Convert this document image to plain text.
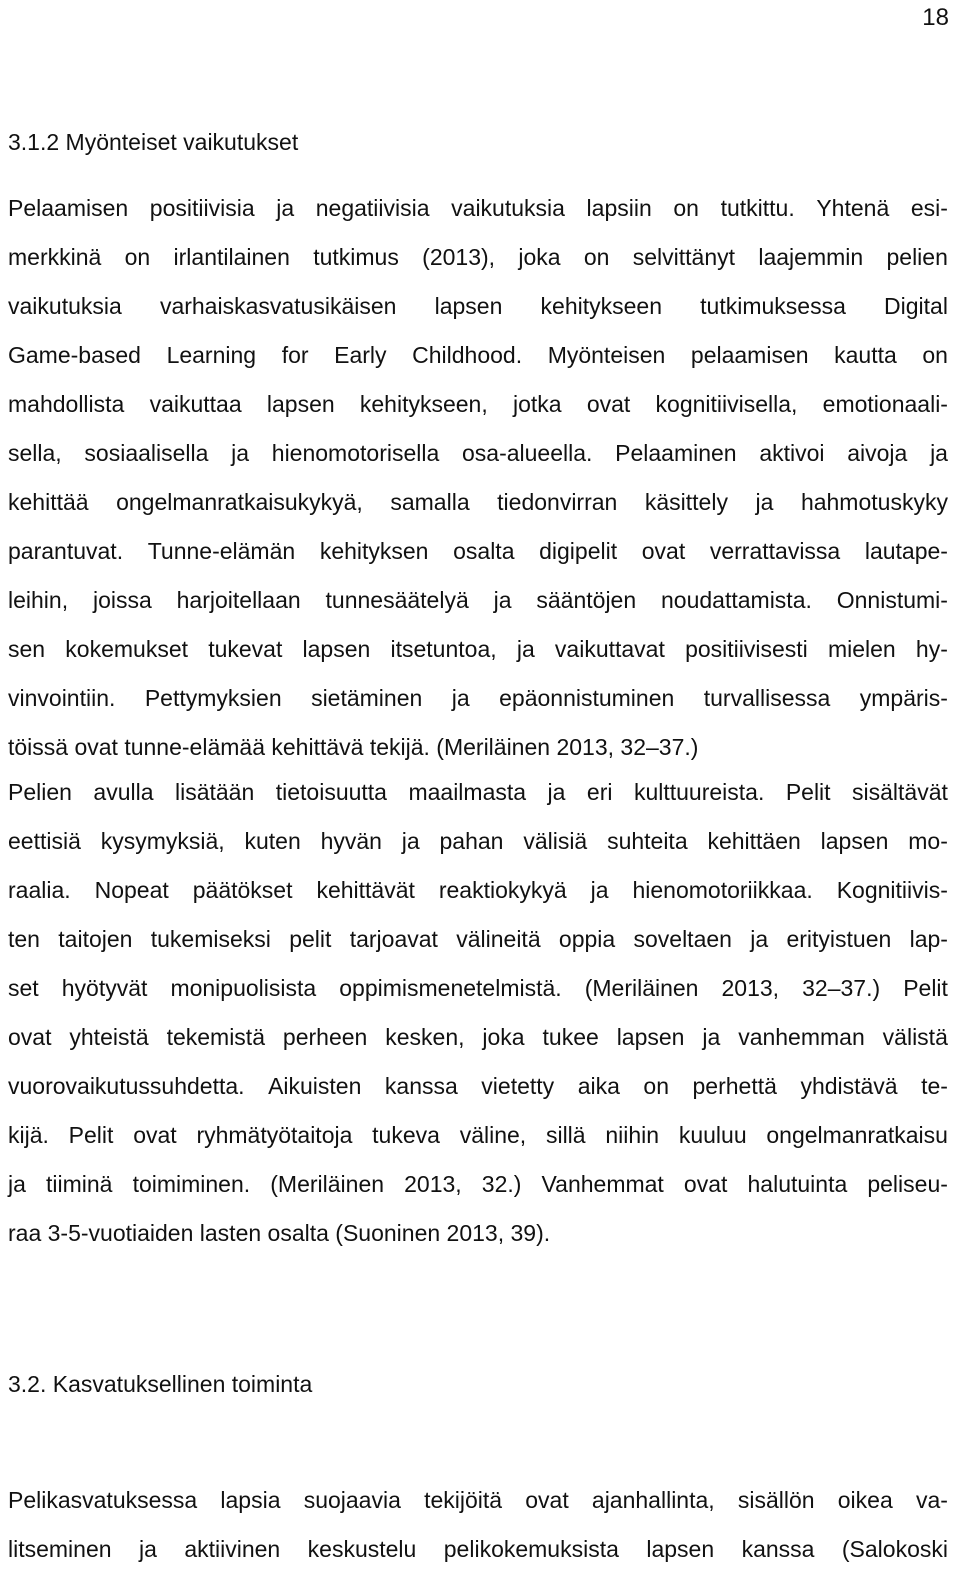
18
3.1.2 Myönteiset vaikutukset
Pelaamisen positiivisia ja negatiivisia vaikutuksia lapsiin on tutkittu. Yhtenä esi-
merkkinä on irlantilainen tutkimus (2013), joka on selvittänyt laajemmin pelien
vaikutuksia varhaiskasvatusikäisen lapsen kehitykseen tutkimuksessa Digital
Game-based Learning for Early Childhood. Myönteisen pelaamisen kautta on
mahdollista vaikuttaa lapsen kehitykseen, jotka ovat kognitiivisella, emotionaali-
sella, sosiaalisella ja hienomotorisella osa-alueella. Pelaaminen aktivoi aivoja ja
kehittää ongelmanratkaisukykyä, samalla tiedonvirran käsittely ja hahmotuskyky
parantuvat. Tunne-elämän kehityksen osalta digipelit ovat verrattavissa lautape-
leihin, joissa harjoitellaan tunnesäätelyä ja sääntöjen noudattamista. Onnistumi-
sen kokemukset tukevat lapsen itsetuntoa, ja vaikuttavat positiivisesti mielen hy-
vinvointiin. Pettymyksien sietäminen ja epäonnistuminen turvallisessa ympäris-
töissä ovat tunne-elämää kehittävä tekijä. (Meriläinen 2013, 32–37.)
Pelien avulla lisätään tietoisuutta maailmasta ja eri kulttuureista. Pelit sisältävät
eettisiä kysymyksiä, kuten hyvän ja pahan välisiä suhteita kehittäen lapsen mo-
raalia. Nopeat päätökset kehittävät reaktiokykyä ja hienomotoriikkaa. Kognitiivis-
ten taitojen tukemiseksi pelit tarjoavat välineitä oppia soveltaen ja erityistuen lap-
set hyötyvät monipuolisista oppimismenetelmistä. (Meriläinen 2013, 32–37.) Pelit
ovat yhteistä tekemistä perheen kesken, joka tukee lapsen ja vanhemman välistä
vuorovaikutussuhdetta. Aikuisten kanssa vietetty aika on perhettä yhdistävä te-
kijä. Pelit ovat ryhmätyötaitoja tukeva väline, sillä niihin kuuluu ongelmanratkaisu
ja tiiminä toimiminen. (Meriläinen 2013, 32.) Vanhemmat ovat halutuinta peliseu-
raa 3-5-vuotiaiden lasten osalta (Suoninen 2013, 39).
3.2. Kasvatuksellinen toiminta
Pelikasvatuksessa lapsia suojaavia tekijöitä ovat ajanhallinta, sisällön oikea va-
litseminen ja aktiivinen keskustelu pelikokemuksista lapsen kanssa (Salokoski
